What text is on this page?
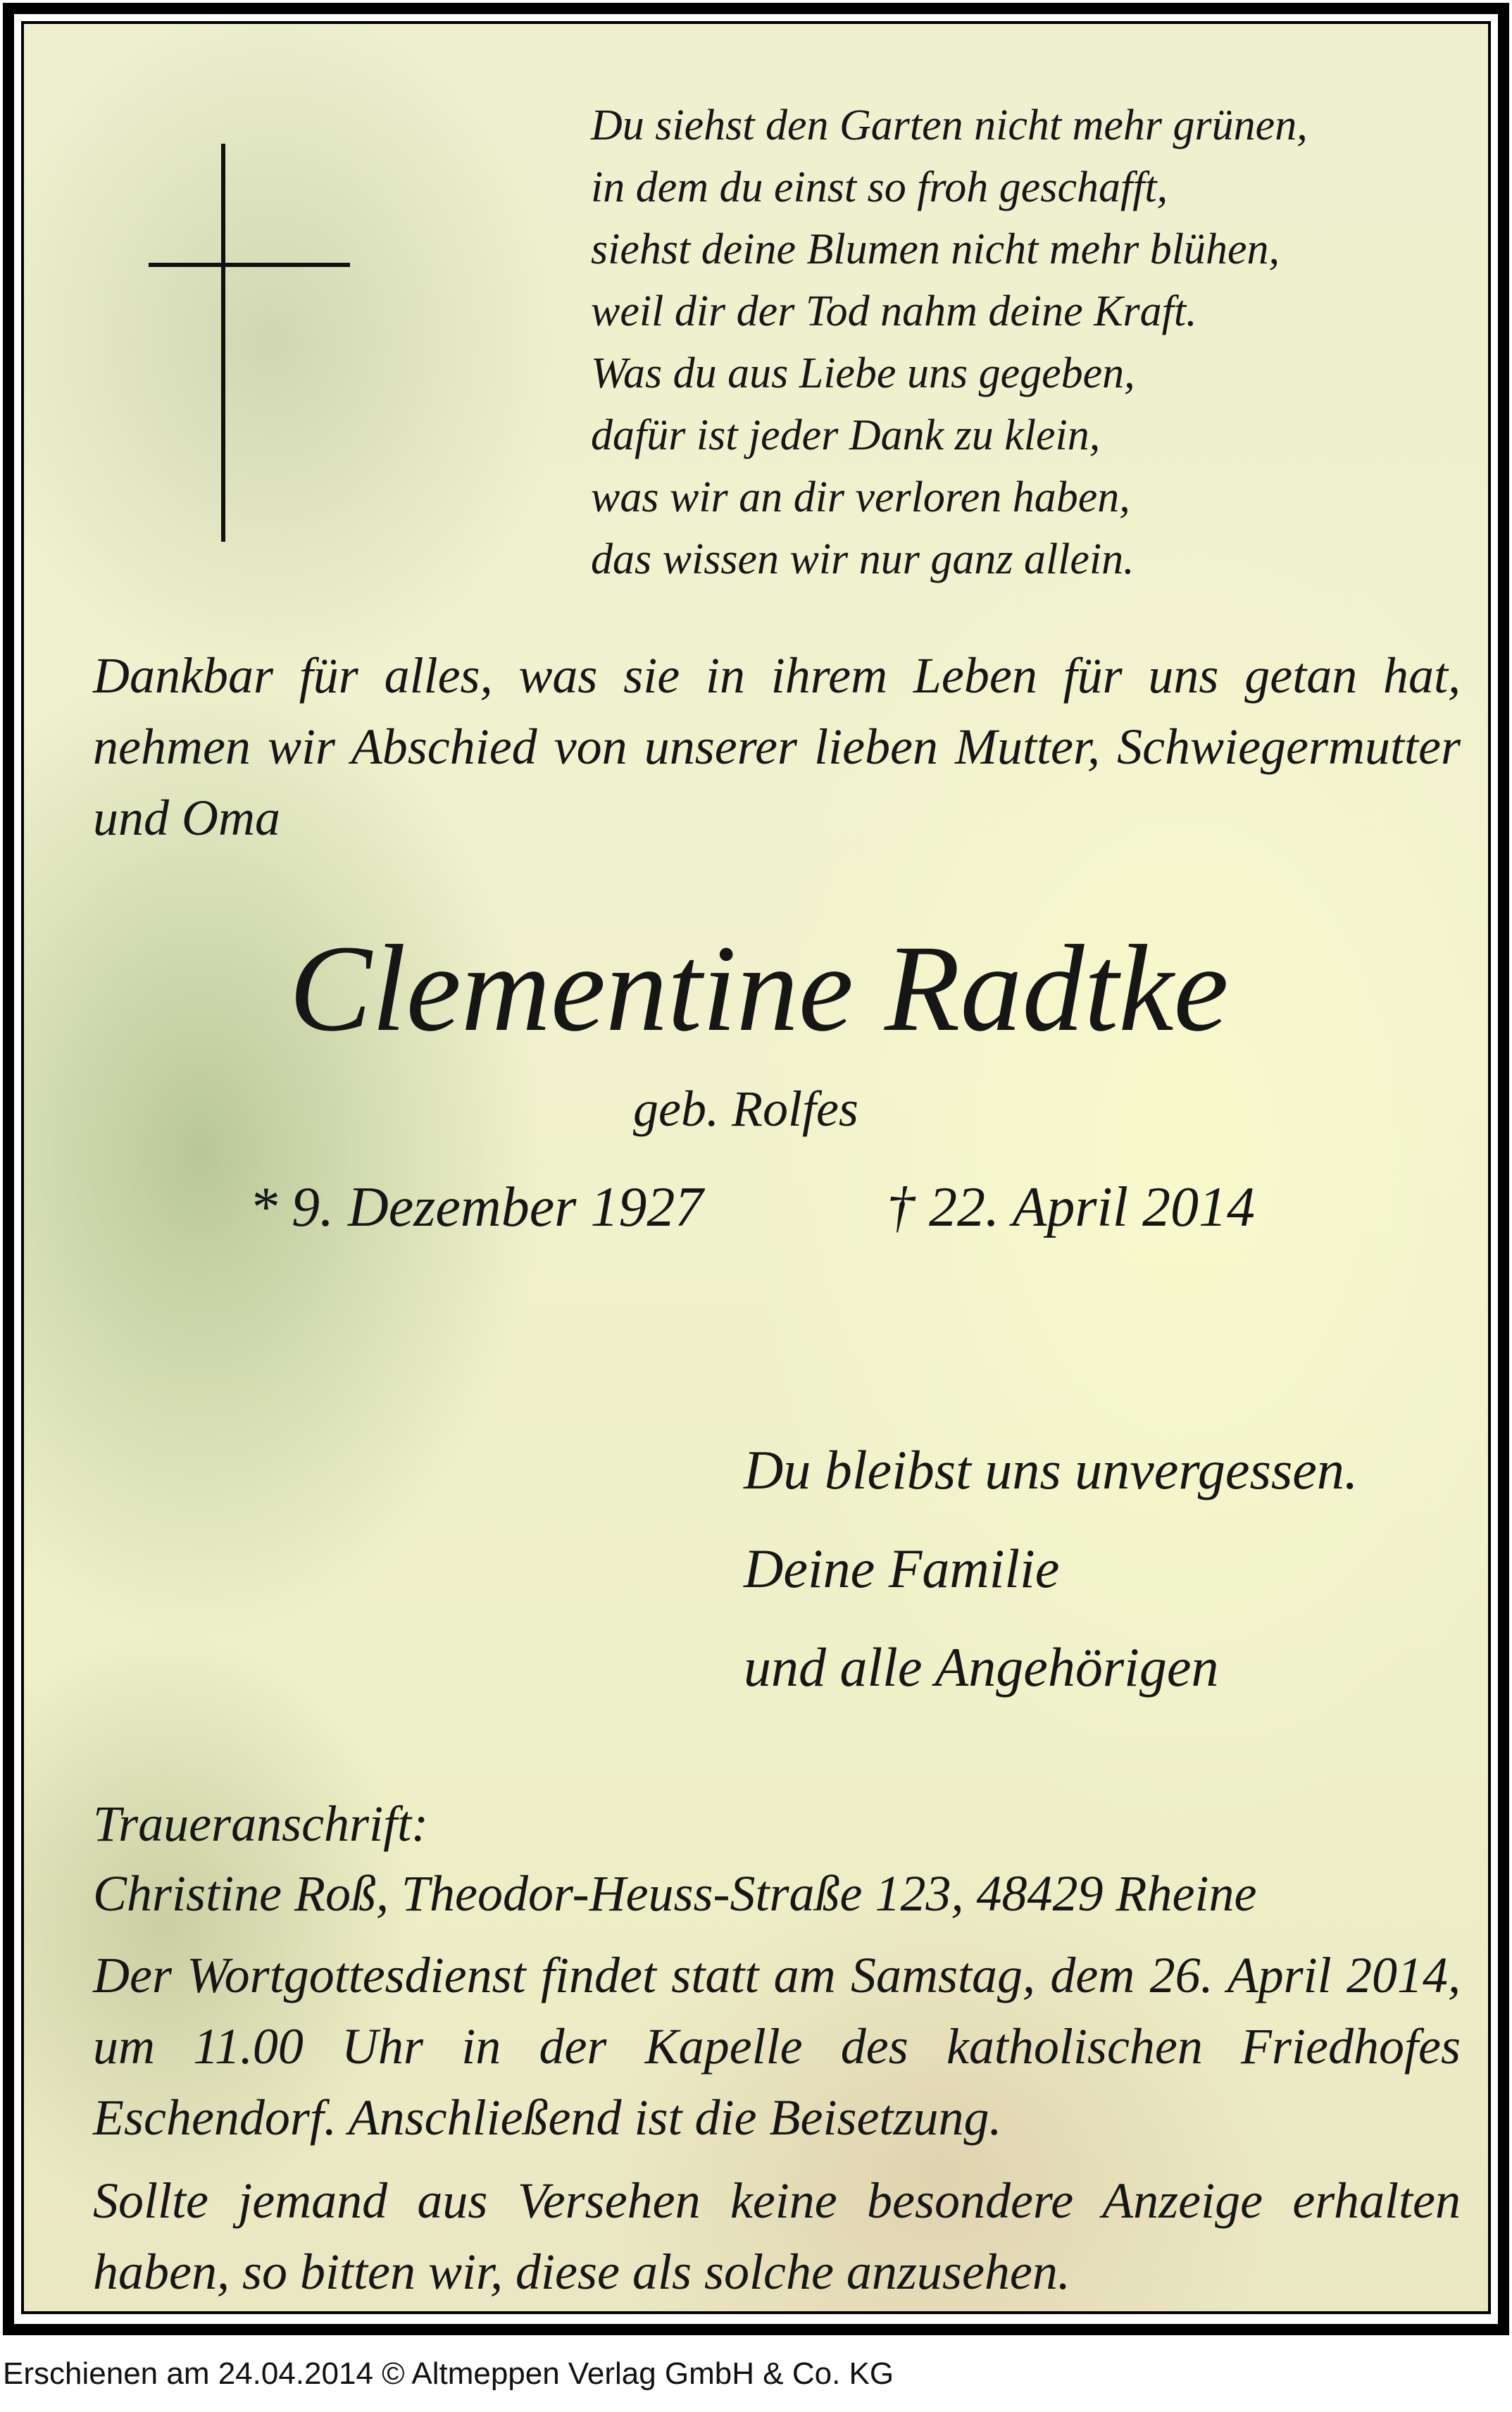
Du siehst den Garten nicht mehr grünen,
in dem du einst so froh geschafft,
siehst deine Blumen nicht mehr blühen,
weil dir der Tod nahm deine Kraft.
Was du aus Liebe uns gegeben,
dafür ist jeder Dank zu klein,
was wir an dir verloren haben,
das wissen wir nur ganz allein.
Dankbar für alles, was sie in ihrem Leben für uns getan hat, nehmen wir Abschied von unserer lieben Mutter, Schwiegermutter und Oma
Clementine Radtke
geb. Rolfes
* 9. Dezember 1927	† 22. April 2014
Du bleibst uns unvergessen.
Deine Familie
und alle Angehörigen
Traueranschrift:
Christine Roß, Theodor-Heuss-Straße 123, 48429 Rheine
Der Wortgottesdienst findet statt am Samstag, dem 26. April 2014, um 11.00 Uhr in der Kapelle des katholischen Friedhofes Eschendorf. Anschließend ist die Beisetzung.
Sollte jemand aus Versehen keine besondere Anzeige erhalten haben, so bitten wir, diese als solche anzusehen.
Erschienen am 24.04.2014 © Altmeppen Verlag GmbH & Co. KG
